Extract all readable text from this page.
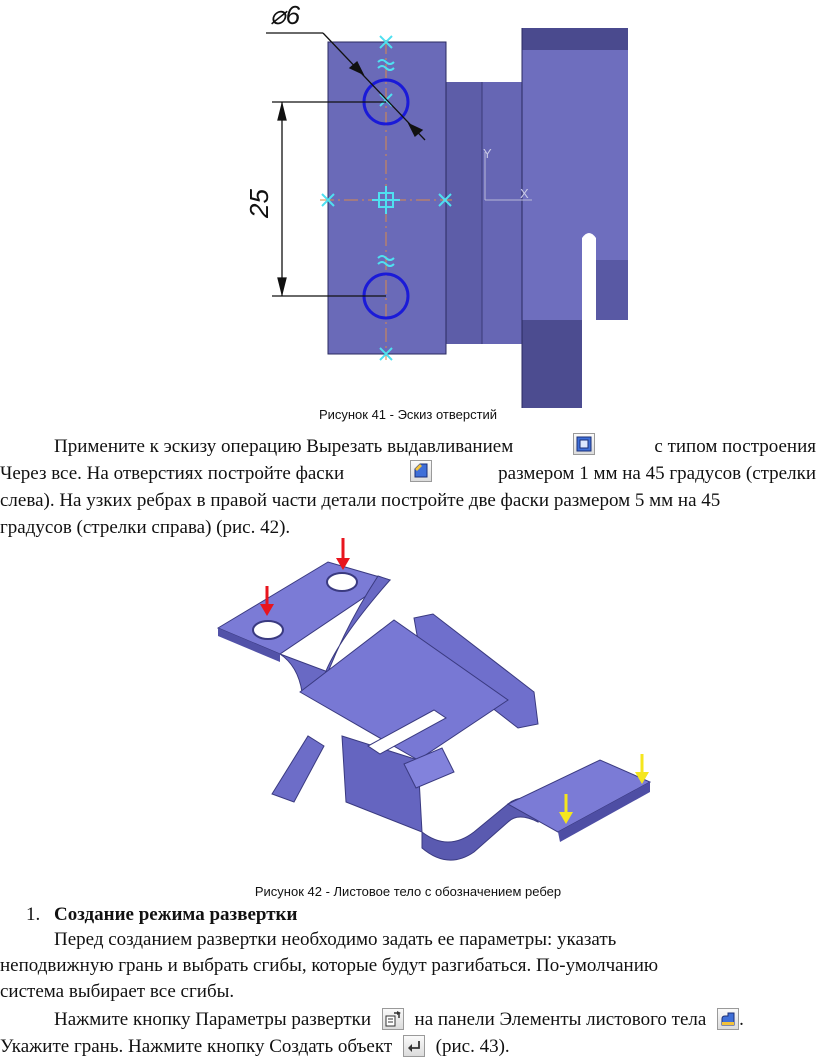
Y
X
⌀6
25
Рисунок 41 - Эскиз отверстий
Примените к эскизу операцию Вырезать выдавливанием	с типом построения
Через все. На отверстиях постройте фаски	размером 1 мм на 45 градусов (стрелки
слева). На узких ребрах в правой части детали постройте две фаски размером 5 мм на 45
градусов (стрелки справа) (рис. 42).
Рисунок 42 - Листовое тело с обозначением ребер
1. Создание режима развертки
Перед созданием развертки необходимо задать ее параметры: указать
неподвижную грань и выбрать сгибы, которые будут разгибаться. По-умолчанию
система выбирает все сгибы.
Нажмите кнопку Параметры развертки на панели Элементы листового тела .
Укажите грань. Нажмите кнопку Создать объект (рис. 43).
